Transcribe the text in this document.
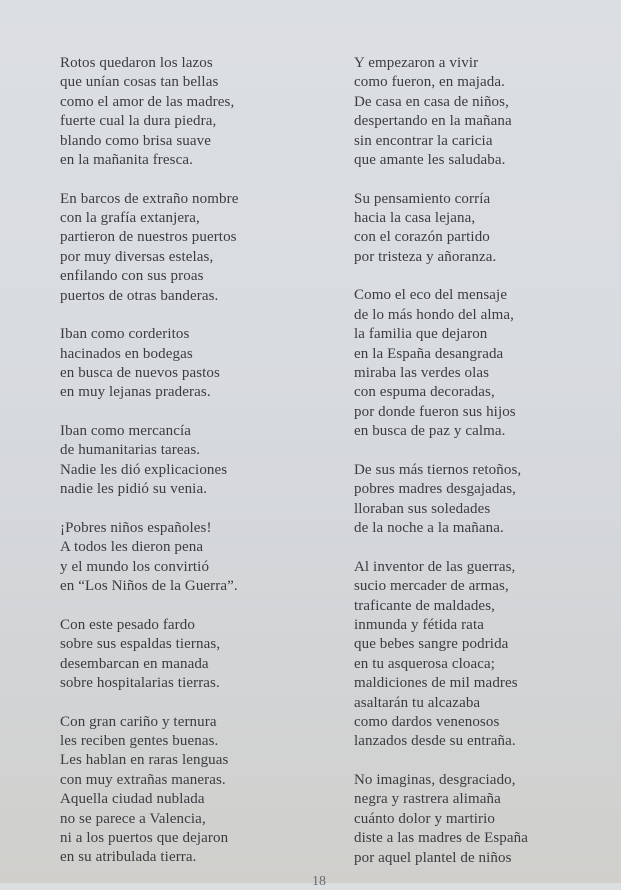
Rotos quedaron los lazos
que unían cosas tan bellas
como el amor de las madres,
fuerte cual la dura piedra,
blando como brisa suave
en la mañanita fresca.

En barcos de extraño nombre
con la grafía extanjera,
partieron de nuestros puertos
por muy diversas estelas,
enfilando con sus proas
puertos de otras banderas.

Iban como corderitos
hacinados en bodegas
en busca de nuevos pastos
en muy lejanas praderas.

Iban como mercancía
de humanitarias tareas.
Nadie les dió explicaciones
nadie les pidió su venia.

¡Pobres niños españoles!
A todos les dieron pena
y el mundo los convirtió
en “Los Niños de la Guerra”.

Con este pesado fardo
sobre sus espaldas tiernas,
desembarcan en manada
sobre hospitalarias tierras.

Con gran cariño y ternura
les reciben gentes buenas.
Les hablan en raras lenguas
con muy extrañas maneras.
Aquella ciudad nublada
no se parece a Valencia,
ni a los puertos que dejaron
en su atribulada tierra.

Y empezaron a vivir
como fueron, en majada.
De casa en casa de niños,
despertando en la mañana
sin encontrar la caricia
que amante les saludaba.

Su pensamiento corría
hacia la casa lejana,
con el corazón partido
por tristeza y añoranza.

Como el eco del mensaje
de lo más hondo del alma,
la familia que dejaron
en la España desangrada
miraba las verdes olas
con espuma decoradas,
por donde fueron sus hijos
en busca de paz y calma.

De sus más tiernos retoños,
pobres madres desgajadas,
lloraban sus soledades
de la noche a la mañana.

Al inventor de las guerras,
sucio mercader de armas,
traficante de maldades,
inmunda y fétida rata
que bebes sangre podrida
en tu asquerosa cloaca;
maldiciones de mil madres
asaltarán tu alcazaba
como dardos venenosos
lanzados desde su entraña.

No imaginas, desgraciado,
negra y rastrera alimaña
cuánto dolor y martirio
diste a las madres de España
por aquel plantel de niños

18
